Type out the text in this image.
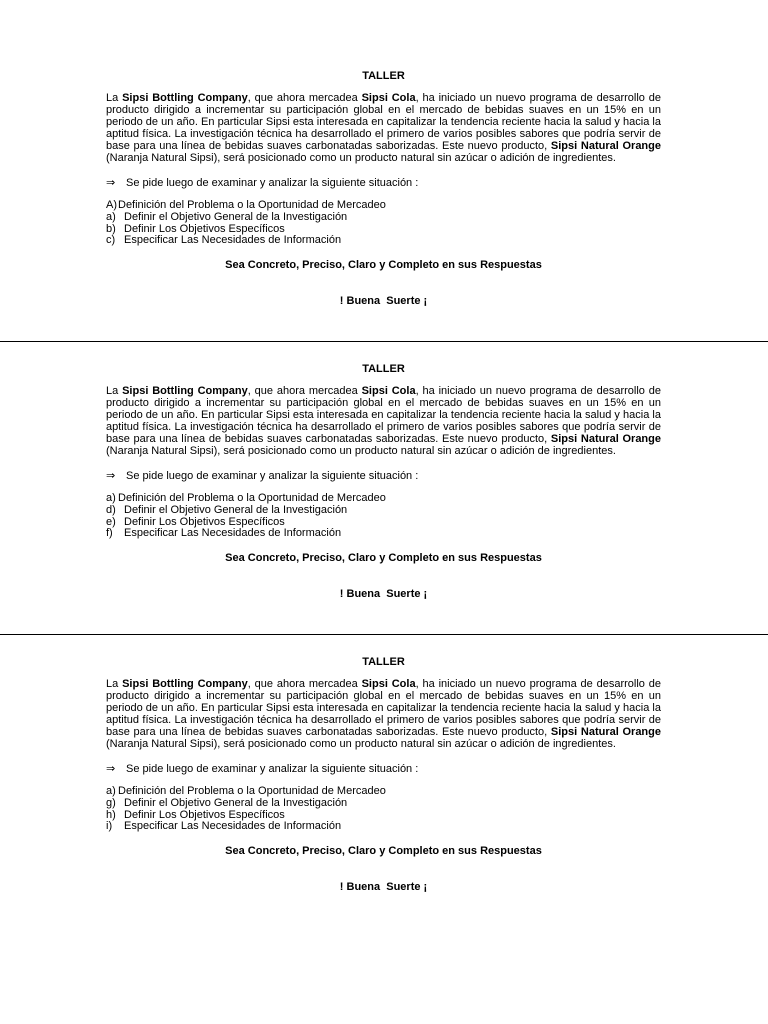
TALLER

La Sipsi Bottling Company, que ahora mercadea Sipsi Cola, ha iniciado un nuevo programa de desarrollo de producto dirigido a incrementar su participación global en el mercado de bebidas suaves en un 15% en un periodo de un año. En particular Sipsi esta interesada en capitalizar la tendencia reciente hacia la salud y hacia la aptitud física. La investigación técnica ha desarrollado el primero de varios posibles sabores que podría servir de base para una línea de bebidas suaves carbonatadas saborizadas. Este nuevo producto, Sipsi Natural Orange (Naranja Natural Sipsi), será posicionado como un producto natural sin azúcar o adición de ingredientes.

⇒ Se pide luego de examinar y analizar la siguiente situación :
A) Definición del Problema o la Oportunidad de Mercadeo
a) Definir el Objetivo General de la Investigación
b) Definir Los Objetivos Específicos
c) Especificar Las Necesidades de Información
Sea Concreto, Preciso, Claro y Completo en sus Respuestas
! Buena  Suerte ¡
TALLER

La Sipsi Bottling Company, que ahora mercadea Sipsi Cola, ha iniciado un nuevo programa de desarrollo de producto dirigido a incrementar su participación global en el mercado de bebidas suaves en un 15% en un periodo de un año. En particular Sipsi esta interesada en capitalizar la tendencia reciente hacia la salud y hacia la aptitud física. La investigación técnica ha desarrollado el primero de varios posibles sabores que podría servir de base para una línea de bebidas suaves carbonatadas saborizadas. Este nuevo producto, Sipsi Natural Orange (Naranja Natural Sipsi), será posicionado como un producto natural sin azúcar o adición de ingredientes.

⇒ Se pide luego de examinar y analizar la siguiente situación :
a) Definición del Problema o la Oportunidad de Mercadeo
d) Definir el Objetivo General de la Investigación
e) Definir Los Objetivos Específicos
f)	Especificar Las Necesidades de Información
Sea Concreto, Preciso, Claro y Completo en sus Respuestas
! Buena  Suerte ¡
TALLER

La Sipsi Bottling Company, que ahora mercadea Sipsi Cola, ha iniciado un nuevo programa de desarrollo de producto dirigido a incrementar su participación global en el mercado de bebidas suaves en un 15% en un periodo de un año. En particular Sipsi esta interesada en capitalizar la tendencia reciente hacia la salud y hacia la aptitud física. La investigación técnica ha desarrollado el primero de varios posibles sabores que podría servir de base para una línea de bebidas suaves carbonatadas saborizadas. Este nuevo producto, Sipsi Natural Orange (Naranja Natural Sipsi), será posicionado como un producto natural sin azúcar o adición de ingredientes.

⇒ Se pide luego de examinar y analizar la siguiente situación :
a) Definición del Problema o la Oportunidad de Mercadeo
g) Definir el Objetivo General de la Investigación
h) Definir Los Objetivos Específicos
i)	Especificar Las Necesidades de Información
Sea Concreto, Preciso, Claro y Completo en sus Respuestas
! Buena  Suerte ¡
